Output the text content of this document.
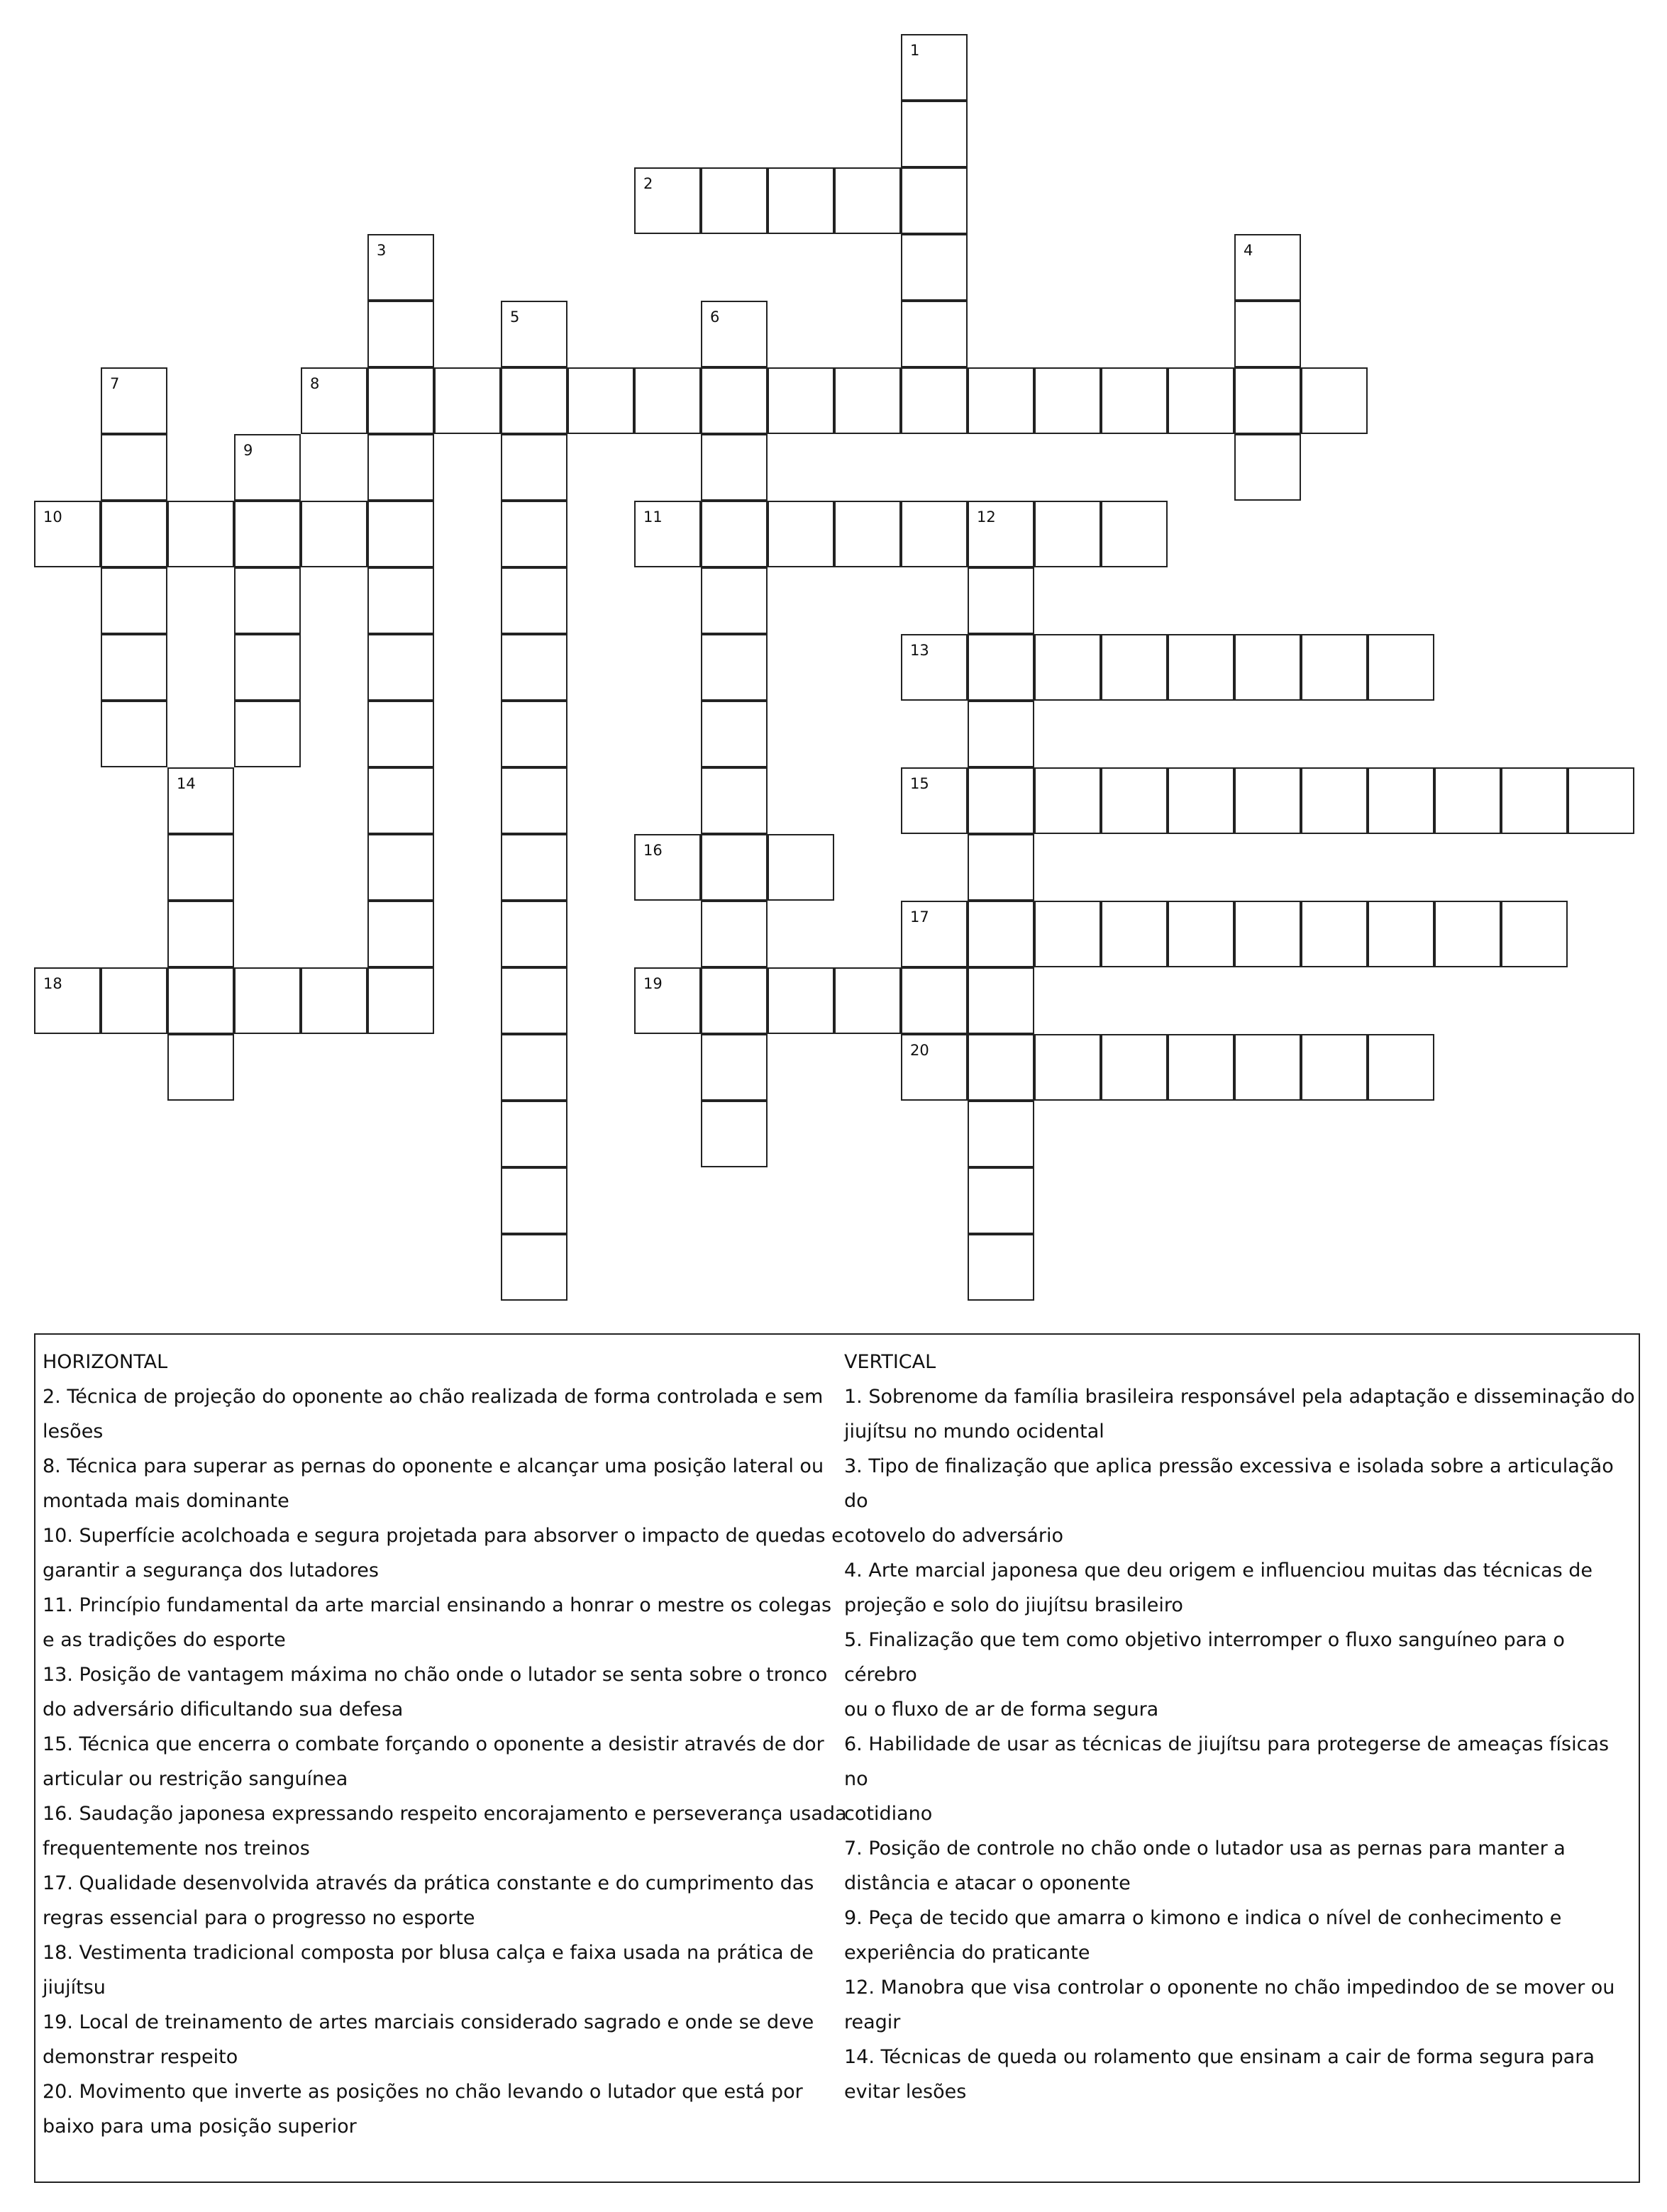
1
2
3	4
5	6
7	8
9
10	11	12
13
14	15
16
17
18	19
20
HORIZONTAL
2. Técnica de projeção do oponente ao chão realizada de forma controlada e sem
lesões
8. Técnica para superar as pernas do oponente e alcançar uma posição lateral ou
montada mais dominante
10. Superfície acolchoada e segura projetada para absorver o impacto de quedas e
garantir a segurança dos lutadores
11. Princípio fundamental da arte marcial ensinando a honrar o mestre os colegas
e as tradições do esporte
13. Posição de vantagem máxima no chão onde o lutador se senta sobre o tronco
do adversário dificultando sua defesa
15. Técnica que encerra o combate forçando o oponente a desistir através de dor
articular ou restrição sanguínea
16. Saudação japonesa expressando respeito encorajamento e perseverança usada
frequentemente nos treinos
17. Qualidade desenvolvida através da prática constante e do cumprimento das
regras essencial para o progresso no esporte
18. Vestimenta tradicional composta por blusa calça e faixa usada na prática de
jiujítsu
19. Local de treinamento de artes marciais considerado sagrado e onde se deve
demonstrar respeito
20. Movimento que inverte as posições no chão levando o lutador que está por
baixo para uma posição superior
VERTICAL
1. Sobrenome da família brasileira responsável pela adaptação e disseminação do
jiujítsu no mundo ocidental
3. Tipo de finalização que aplica pressão excessiva e isolada sobre a articulação do
cotovelo do adversário
4. Arte marcial japonesa que deu origem e influenciou muitas das técnicas de
projeção e solo do jiujítsu brasileiro
5. Finalização que tem como objetivo interromper o fluxo sanguíneo para o cérebro
ou o fluxo de ar de forma segura
6. Habilidade de usar as técnicas de jiujítsu para protegerse de ameaças físicas no
cotidiano
7. Posição de controle no chão onde o lutador usa as pernas para manter a
distância e atacar o oponente
9. Peça de tecido que amarra o kimono e indica o nível de conhecimento e
experiência do praticante
12. Manobra que visa controlar o oponente no chão impedindoo de se mover ou
reagir
14. Técnicas de queda ou rolamento que ensinam a cair de forma segura para
evitar lesões
